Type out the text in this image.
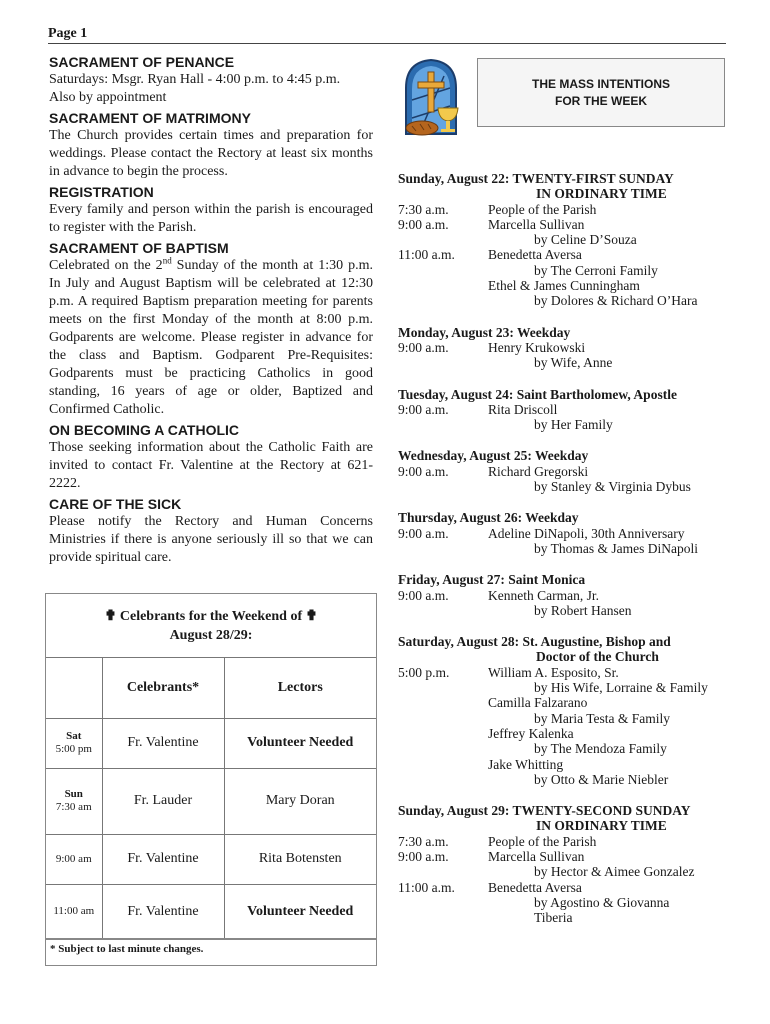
Page 1
SACRAMENT OF PENANCE
Saturdays: Msgr. Ryan Hall - 4:00 p.m. to 4:45 p.m.
Also by appointment
SACRAMENT OF MATRIMONY
The Church provides certain times and preparation for weddings. Please contact the Rectory at least six months in advance to begin the process.
REGISTRATION
Every family and person within the parish is encouraged to register with the Parish.
SACRAMENT OF BAPTISM
Celebrated on the 2nd Sunday of the month at 1:30 p.m. In July and August Baptism will be celebrated at 12:30 p.m. A required Baptism preparation meeting for parents meets on the first Monday of the month at 8:00 p.m. Godparents are welcome. Please register in advance for the class and Baptism. Godparent Pre-Requisites: Godparents must be practicing Catholics in good standing, 16 years of age or older, Baptized and Confirmed Catholic.
ON BECOMING A CATHOLIC
Those seeking information about the Catholic Faith are invited to contact Fr. Valentine at the Rectory at 621-2222.
CARE OF THE SICK
Please notify the Rectory and Human Concerns Ministries if there is anyone seriously ill so that we can provide spiritual care.
✟ Celebrants for the Weekend of ✟
August 28/29:
	Celebrants*	Lectors

Sat
5:00 pm	Fr. Valentine	Volunteer Needed

Sun
7:30 am	Fr. Lauder	Mary Doran
9:00 am	Fr. Valentine	Rita Botensten
11:00 am	Fr. Valentine	Volunteer Needed
* Subject to last minute changes.
THE MASS INTENTIONS
FOR THE WEEK
Sunday, August 22: TWENTY-FIRST SUNDAY
IN ORDINARY TIME
7:30 a.m.	People of the Parish
9:00 a.m.	Marcella Sullivan
by Celine D’Souza
11:00 a.m.	Benedetta Aversa
by The Cerroni Family
Ethel & James Cunningham
by Dolores & Richard O’Hara
Monday, August 23: Weekday
9:00 a.m.	Henry Krukowski
by Wife, Anne
Tuesday, August 24: Saint Bartholomew, Apostle
9:00 a.m.	Rita Driscoll
by Her Family
Wednesday, August 25: Weekday
9:00 a.m.	Richard Gregorski
by Stanley & Virginia Dybus
Thursday, August 26: Weekday
9:00 a.m.	Adeline DiNapoli, 30th Anniversary
by Thomas & James DiNapoli
Friday, August 27: Saint Monica
9:00 a.m.	Kenneth Carman, Jr.
by Robert Hansen
Saturday, August 28: St. Augustine, Bishop and
Doctor of the Church
5:00 p.m.	William A. Esposito, Sr.
by His Wife, Lorraine & Family
Camilla Falzarano
by Maria Testa & Family
Jeffrey Kalenka
by The Mendoza Family
Jake Whitting
by Otto & Marie Niebler
Sunday, August 29: TWENTY-SECOND SUNDAY
IN ORDINARY TIME
7:30 a.m.	People of the Parish
9:00 a.m.	Marcella Sullivan
by Hector & Aimee Gonzalez
11:00 a.m.	Benedetta Aversa
by Agostino & Giovanna
Tiberia
